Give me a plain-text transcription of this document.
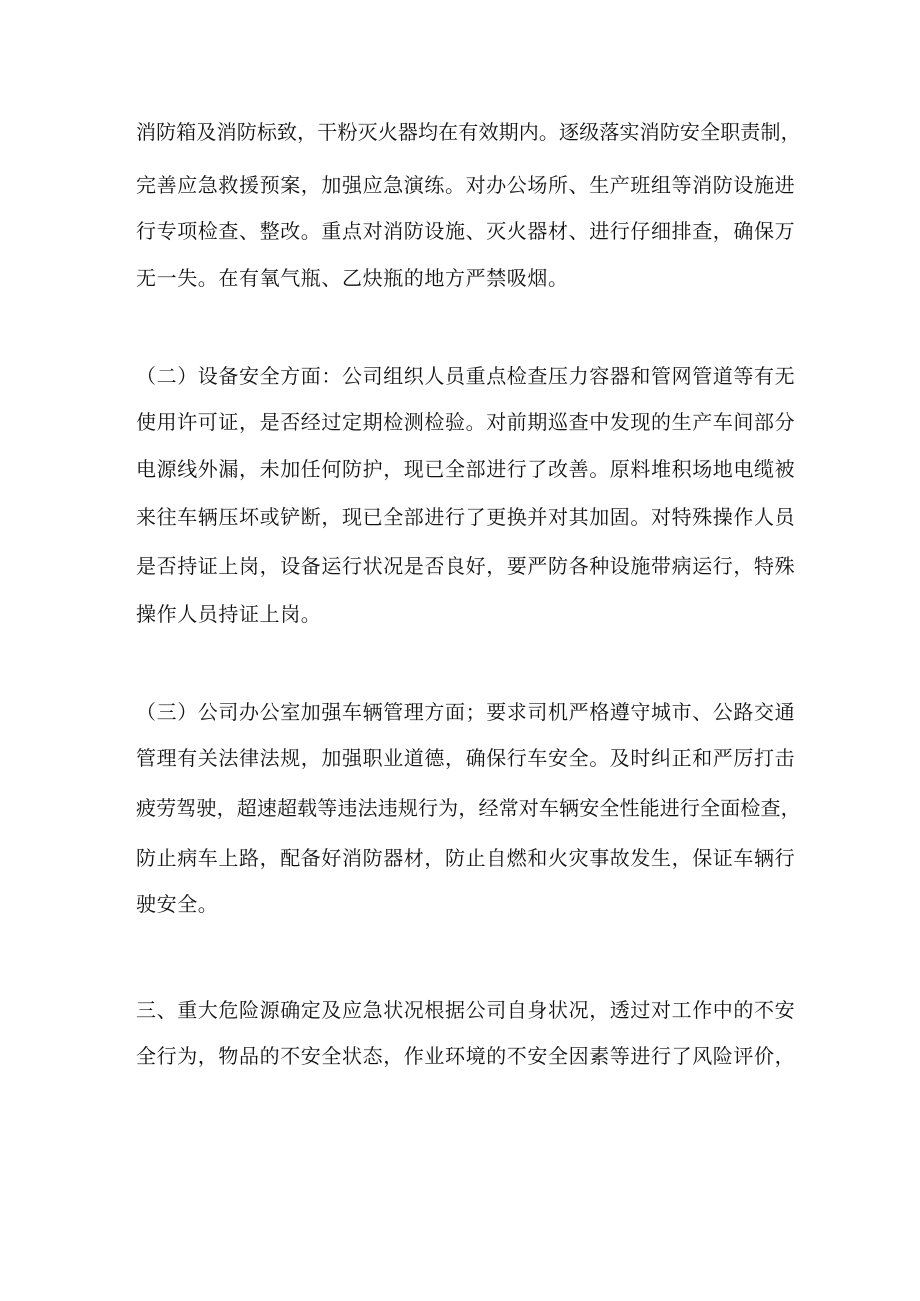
消防箱及消防标致，干粉灭火器均在有效期内。逐级落实消防安全职责制，
完善应急救援预案，加强应急演练。对办公场所、生产班组等消防设施进
行专项检查、整改。重点对消防设施、灭火器材、进行仔细排查，确保万
无一失。在有氧气瓶、乙炔瓶的地方严禁吸烟。
（二）设备安全方面：公司组织人员重点检查压力容器和管网管道等有无
使用许可证，是否经过定期检测检验。对前期巡查中发现的生产车间部分
电源线外漏，未加任何防护，现已全部进行了改善。原料堆积场地电缆被
来往车辆压坏或铲断，现已全部进行了更换并对其加固。对特殊操作人员
是否持证上岗，设备运行状况是否良好，要严防各种设施带病运行，特殊
操作人员持证上岗。
（三）公司办公室加强车辆管理方面；要求司机严格遵守城市、公路交通
管理有关法律法规，加强职业道德，确保行车安全。及时纠正和严厉打击
疲劳驾驶，超速超载等违法违规行为，经常对车辆安全性能进行全面检查，
防止病车上路，配备好消防器材，防止自燃和火灾事故发生，保证车辆行
驶安全。
三、重大危险源确定及应急状况根据公司自身状况，透过对工作中的不安
全行为，物品的不安全状态，作业环境的不安全因素等进行了风险评价，
